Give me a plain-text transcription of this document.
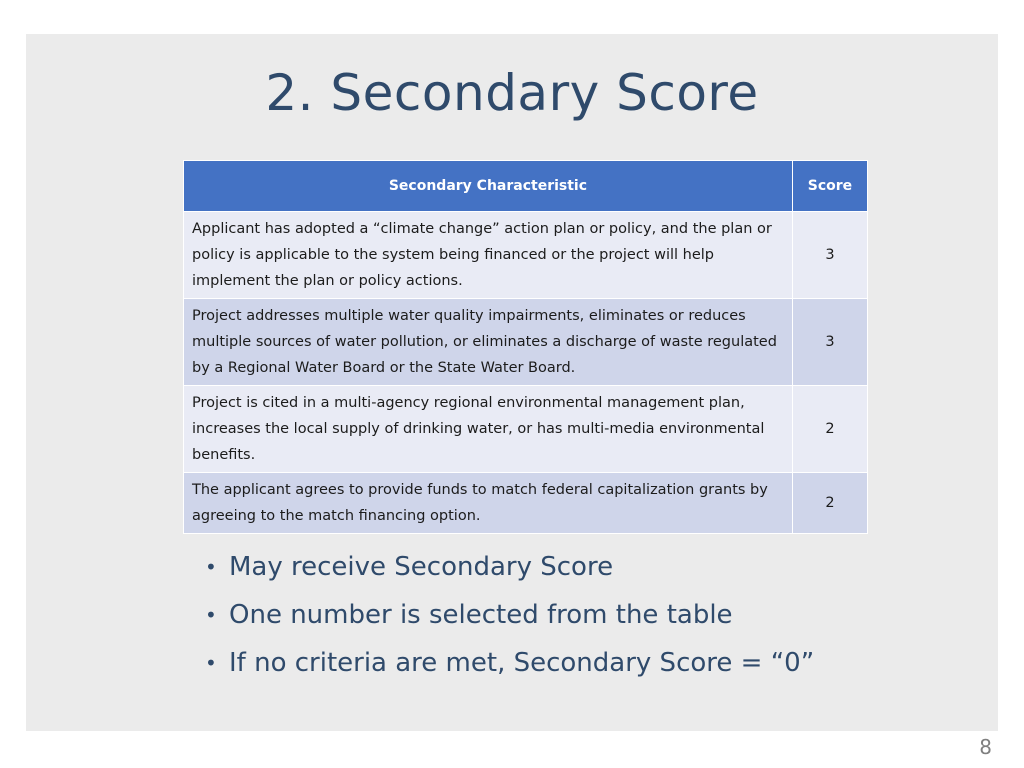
2. Secondary Score
Secondary Characteristic	Score
Applicant has adopted a “climate change” action plan or policy, and the plan or policy is applicable to the system being financed or the project will help implement the plan or policy actions.	3
Project addresses multiple water quality impairments, eliminates or reduces multiple sources of water pollution, or eliminates a discharge of waste regulated by a Regional Water Board or the State Water Board.	3
Project is cited in a multi-agency regional environmental management plan, increases the local supply of drinking water, or has multi-media environmental benefits.	2
The applicant agrees to provide funds to match federal capitalization grants by agreeing to the match financing option.	2
• May receive Secondary Score
• One number is selected from the table
• If no criteria are met, Secondary Score = “0”
8
